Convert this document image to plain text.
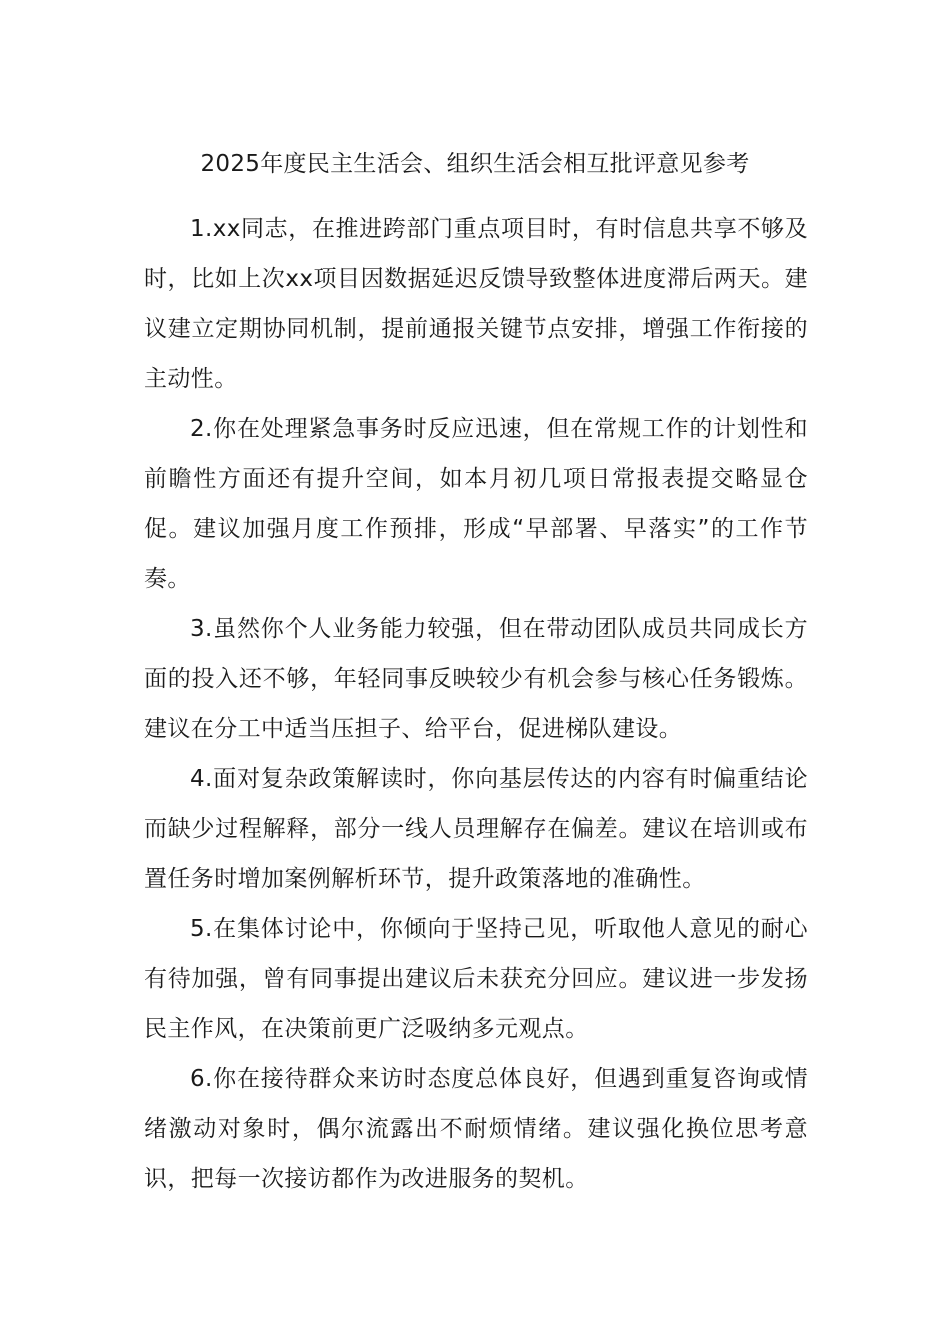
2025年度民主生活会、组织生活会相互批评意见参考

1.xx同志，在推进跨部门重点项目时，有时信息共享不够及时，比如上次xx项目因数据延迟反馈导致整体进度滞后两天。建议建立定期协同机制，提前通报关键节点安排，增强工作衔接的主动性。

2.你在处理紧急事务时反应迅速，但在常规工作的计划性和前瞻性方面还有提升空间，如本月初几项日常报表提交略显仓促。建议加强月度工作预排，形成“早部署、早落实”的工作节奏。

3.虽然你个人业务能力较强，但在带动团队成员共同成长方面的投入还不够，年轻同事反映较少有机会参与核心任务锻炼。建议在分工中适当压担子、给平台，促进梯队建设。

4.面对复杂政策解读时，你向基层传达的内容有时偏重结论而缺少过程解释，部分一线人员理解存在偏差。建议在培训或布置任务时增加案例解析环节，提升政策落地的准确性。

5.在集体讨论中，你倾向于坚持己见，听取他人意见的耐心有待加强，曾有同事提出建议后未获充分回应。建议进一步发扬民主作风，在决策前更广泛吸纳多元观点。

6.你在接待群众来访时态度总体良好，但遇到重复咨询或情绪激动对象时，偶尔流露出不耐烦情绪。建议强化换位思考意识，把每一次接访都作为改进服务的契机。
